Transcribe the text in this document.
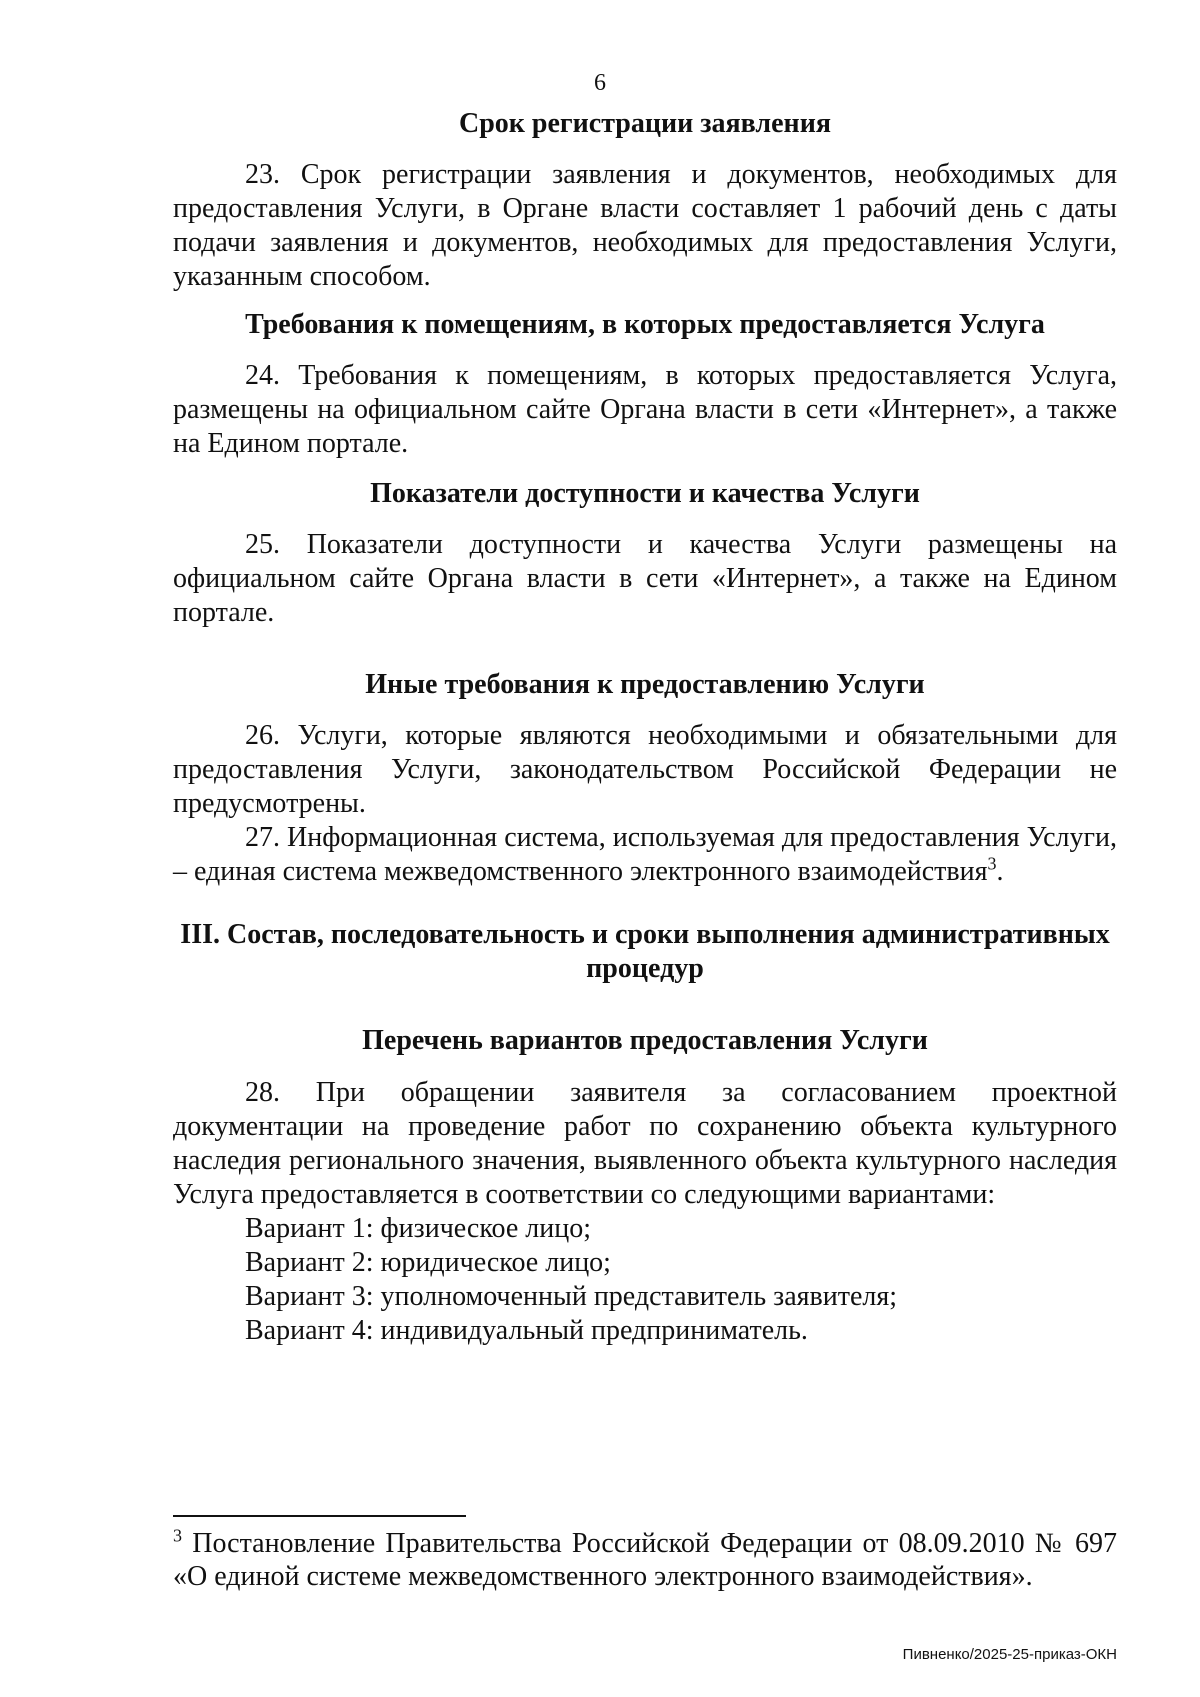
6
Срок регистрации заявления

23. Срок регистрации заявления и документов, необходимых для предоставления Услуги, в Органе власти составляет 1 рабочий день с даты подачи заявления и документов, необходимых для предоставления Услуги, указанным способом.

Требования к помещениям, в которых предоставляется Услуга

24. Требования к помещениям, в которых предоставляется Услуга, размещены на официальном сайте Органа власти в сети «Интернет», а также на Едином портале.

Показатели доступности и качества Услуги

25. Показатели доступности и качества Услуги размещены на официальном сайте Органа власти в сети «Интернет», а также на Едином портале.

Иные требования к предоставлению Услуги

26. Услуги, которые являются необходимыми и обязательными для предоставления Услуги, законодательством Российской Федерации не предусмотрены.

27. Информационная система, используемая для предоставления Услуги, – единая система межведомственного электронного взаимодействия$^3$.

III. Состав, последовательность и сроки выполнения административных
процедур
Перечень вариантов предоставления Услуги

28. При обращении заявителя за согласованием проектной документации на проведение работ по сохранению объекта культурного наследия регионального значения, выявленного объекта культурного наследия Услуга предоставляется в соответствии со следующими вариантами:

Вариант 1: физическое лицо;

Вариант 2: юридическое лицо;

Вариант 3: уполномоченный представитель заявителя;

Вариант 4: индивидуальный предприниматель.

$^3$ Постановление Правительства Российской Федерации от 08.09.2010 № 697 «О единой системе межведомственного электронного взаимодействия».
Пивненко/2025-25-приказ-ОКН
